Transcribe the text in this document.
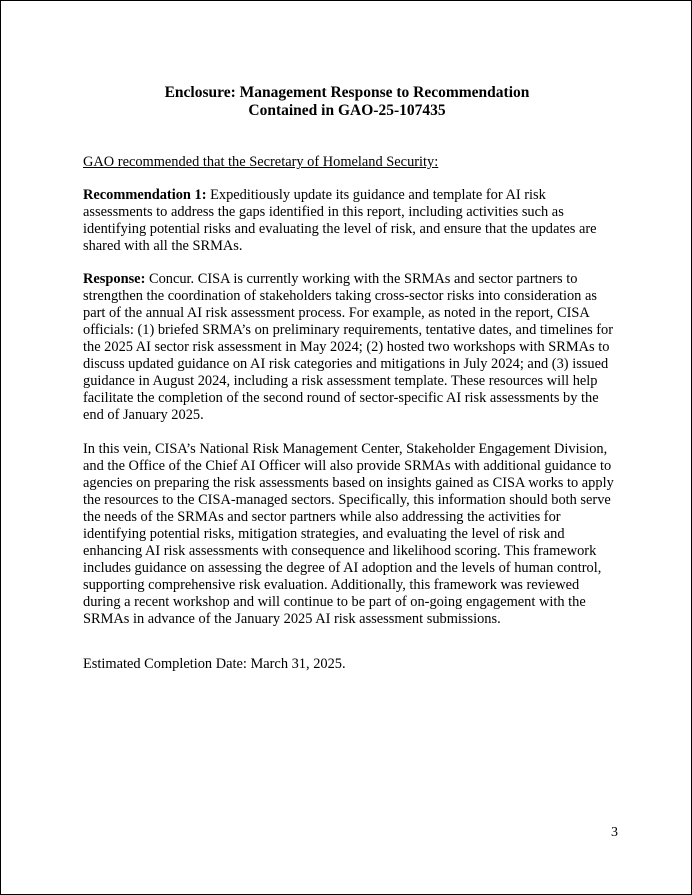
Enclosure: Management Response to Recommendation
Contained in GAO-25-107435
GAO recommended that the Secretary of Homeland Security:
Recommendation 1: Expeditiously update its guidance and template for AI risk assessments to address the gaps identified in this report, including activities such as identifying potential risks and evaluating the level of risk, and ensure that the updates are shared with all the SRMAs.
Response: Concur. CISA is currently working with the SRMAs and sector partners to strengthen the coordination of stakeholders taking cross-sector risks into consideration as part of the annual AI risk assessment process. For example, as noted in the report, CISA officials: (1) briefed SRMA’s on preliminary requirements, tentative dates, and timelines for the 2025 AI sector risk assessment in May 2024; (2) hosted two workshops with SRMAs to discuss updated guidance on AI risk categories and mitigations in July 2024; and (3) issued guidance in August 2024, including a risk assessment template. These resources will help facilitate the completion of the second round of sector-specific AI risk assessments by the end of January 2025.
In this vein, CISA’s National Risk Management Center, Stakeholder Engagement Division, and the Office of the Chief AI Officer will also provide SRMAs with additional guidance to agencies on preparing the risk assessments based on insights gained as CISA works to apply the resources to the CISA-managed sectors. Specifically, this information should both serve the needs of the SRMAs and sector partners while also addressing the activities for identifying potential risks, mitigation strategies, and evaluating the level of risk and enhancing AI risk assessments with consequence and likelihood scoring. This framework includes guidance on assessing the degree of AI adoption and the levels of human control, supporting comprehensive risk evaluation. Additionally, this framework was reviewed during a recent workshop and will continue to be part of on-going engagement with the SRMAs in advance of the January 2025 AI risk assessment submissions.
Estimated Completion Date: March 31, 2025.
3
